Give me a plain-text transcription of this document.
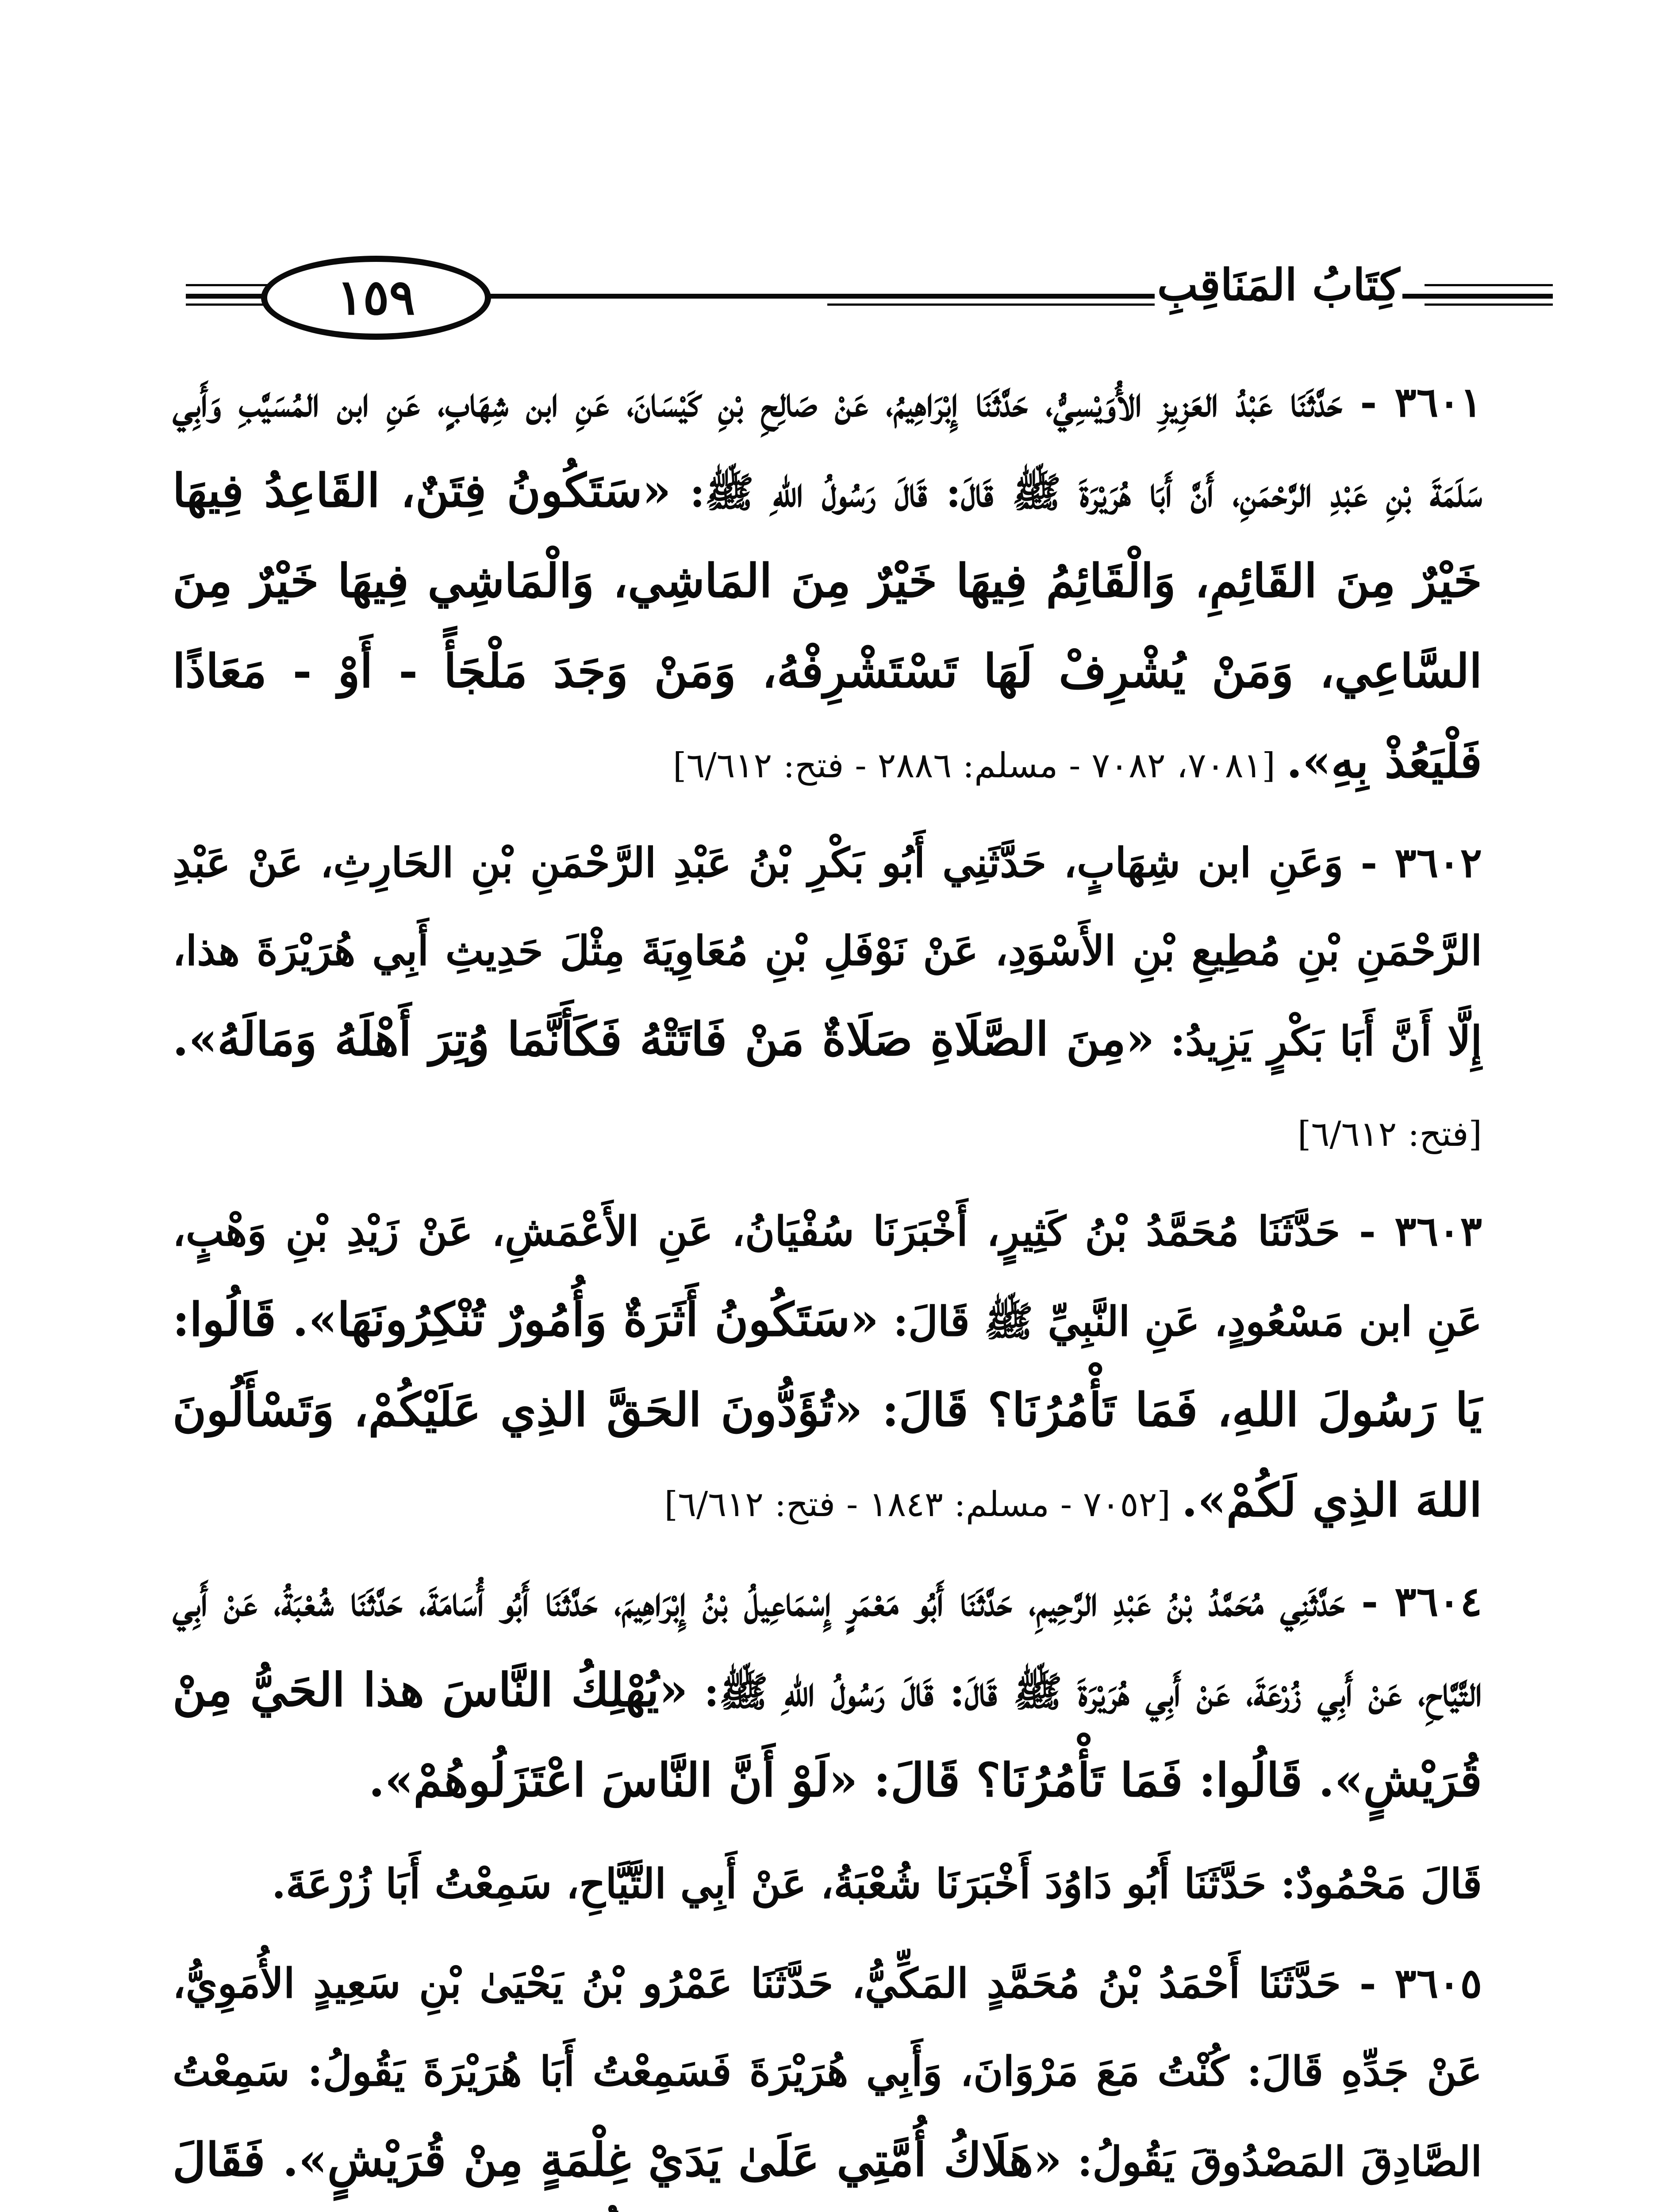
كِتَابُ المَنَاقِبِ
١٥٩

٣٦٠١ - حَدَّثَنَا عَبْدُ العَزِيزِ الأُوَيْسِيُّ، حَدَّثَنَا إِبْرَاهِيمُ، عَنْ صَالِحِ بْنِ كَيْسَانَ، عَنِ ابن شِهَابٍ، عَنِ ابن المُسَيَّبِ وَأَبِي سَلَمَةَ بْنِ عَبْدِ الرَّحْمَنِ، أَنَّ أَبَا هُرَيْرَةَ ﷺ قَالَ: قَالَ رَسُولُ اللهِ ﷺ: «سَتَكُونُ فِتَنٌ، القَاعِدُ فِيهَا خَيْرٌ مِنَ القَائِمِ، وَالْقَائِمُ فِيهَا خَيْرٌ مِنَ المَاشِي، وَالْمَاشِي فِيهَا خَيْرٌ مِنَ السَّاعِي، وَمَنْ يُشْرِفْ لَهَا تَسْتَشْرِفْهُ، وَمَنْ وَجَدَ مَلْجَأً - أَوْ - مَعَاذًا فَلْيَعُذْ بِهِ». [٧٠٨١، ٧٠٨٢ - مسلم: ٢٨٨٦ - فتح: ٦/٦١٢]

٣٦٠٢ - وَعَنِ ابن شِهَابٍ، حَدَّثَنِي أَبُو بَكْرِ بْنُ عَبْدِ الرَّحْمَنِ بْنِ الحَارِثِ، عَنْ عَبْدِ الرَّحْمَنِ بْنِ مُطِيعِ بْنِ الأَسْوَدِ، عَنْ نَوْفَلِ بْنِ مُعَاوِيَةَ مِثْلَ حَدِيثِ أَبِي هُرَيْرَةَ هذا، إِلَّا أَنَّ أَبَا بَكْرٍ يَزِيدُ: «مِنَ الصَّلَاةِ صَلَاةٌ مَنْ فَاتَتْهُ فَكَأَنَّمَا وُتِرَ أَهْلَهُ وَمَالَهُ». [فتح: ٦/٦١٢]

٣٦٠٣ - حَدَّثَنَا مُحَمَّدُ بْنُ كَثِيرٍ، أَخْبَرَنَا سُفْيَانُ، عَنِ الأَعْمَشِ، عَنْ زَيْدِ بْنِ وَهْبٍ، عَنِ ابن مَسْعُودٍ، عَنِ النَّبِيِّ ﷺ قَالَ: «سَتَكُونُ أَثَرَةٌ وَأُمُورٌ تُنْكِرُونَهَا». قَالُوا: يَا رَسُولَ اللهِ، فَمَا تَأْمُرُنَا؟ قَالَ: «تُؤَدُّونَ الحَقَّ الذِي عَلَيْكُمْ، وَتَسْأَلُونَ اللهَ الذِي لَكُمْ». [٧٠٥٢ - مسلم: ١٨٤٣ - فتح: ٦/٦١٢]

٣٦٠٤ - حَدَّثَنِي مُحَمَّدُ بْنُ عَبْدِ الرَّحِيمِ، حَدَّثَنَا أَبُو مَعْمَرٍ إِسْمَاعِيلُ بْنُ إِبْرَاهِيمَ، حَدَّثَنَا أَبُو أُسَامَةَ، حَدَّثَنَا شُعْبَةُ، عَنْ أَبِي التَّيَّاحِ، عَنْ أَبِي زُرْعَةَ، عَنْ أَبِي هُرَيْرَةَ ﷺ قَالَ: قَالَ رَسُولُ اللهِ ﷺ: «يُهْلِكُ النَّاسَ هذا الحَيُّ مِنْ قُرَيْشٍ». قَالُوا: فَمَا تَأْمُرُنَا؟ قَالَ: «لَوْ أَنَّ النَّاسَ اعْتَزَلُوهُمْ».

قَالَ مَحْمُودٌ: حَدَّثَنَا أَبُو دَاوُدَ أَخْبَرَنَا شُعْبَةُ، عَنْ أَبِي التَّيَّاحِ، سَمِعْتُ أَبَا زُرْعَةَ.

٣٦٠٥ - حَدَّثَنَا أَحْمَدُ بْنُ مُحَمَّدٍ المَكِّيُّ، حَدَّثَنَا عَمْرُو بْنُ يَحْيَىٰ بْنِ سَعِيدٍ الأُمَوِيُّ، عَنْ جَدِّهِ قَالَ: كُنْتُ مَعَ مَرْوَانَ، وَأَبِي هُرَيْرَةَ فَسَمِعْتُ أَبَا هُرَيْرَةَ يَقُولُ: سَمِعْتُ الصَّادِقَ المَصْدُوقَ يَقُولُ: «هَلَاكُ أُمَّتِي عَلَىٰ يَدَيْ غِلْمَةٍ مِنْ قُرَيْشٍ». فَقَالَ
